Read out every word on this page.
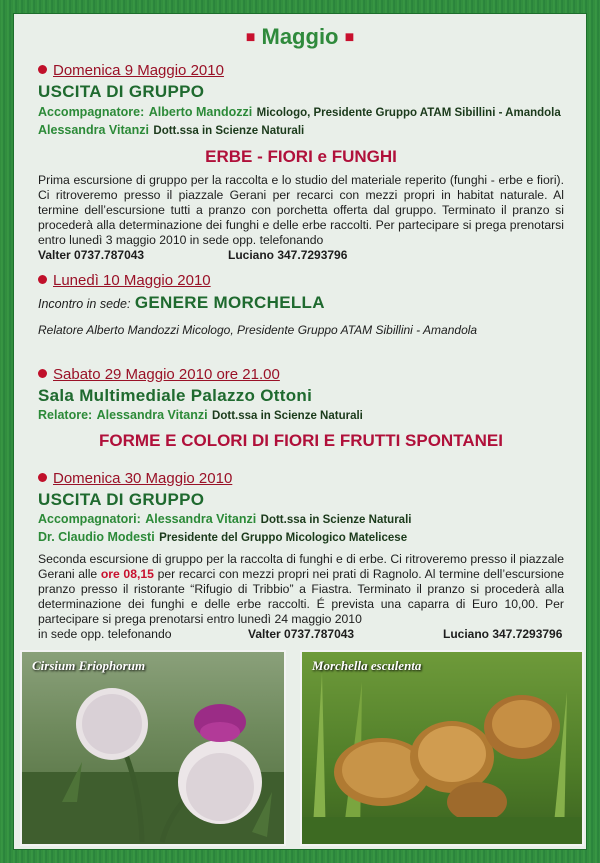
■ Maggio ■
Domenica 9 Maggio 2010
USCITA DI GRUPPO
Accompagnatore: Alberto Mandozzi Micologo, Presidente Gruppo ATAM Sibillini - Amandola
Alessandra Vitanzi Dott.ssa in Scienze Naturali
ERBE - FIORI e FUNGHI
Prima escursione di gruppo per la raccolta e lo studio del materiale reperito (funghi - erbe e fiori). Ci ritroveremo presso il piazzale Gerani per recarci con mezzi propri in habitat naturale. Al termine dell’escursione tutti a pranzo con porchetta offerta dal gruppo. Terminato il pranzo si procederà alla determinazione dei funghi e delle erbe raccolti. Per partecipare si prega prenotarsi entro lunedì 3 maggio 2010 in sede opp. telefonando
Valter 0737.787043	Luciano 347.7293796
Lunedì 10 Maggio 2010
Incontro in sede: GENERE MORCHELLA
Relatore Alberto Mandozzi Micologo, Presidente Gruppo ATAM Sibillini - Amandola
Sabato 29 Maggio 2010 ore 21.00
Sala Multimediale Palazzo Ottoni
Relatore: Alessandra Vitanzi Dott.ssa in Scienze Naturali
FORME E COLORI DI FIORI E FRUTTI SPONTANEI
Domenica 30 Maggio 2010
USCITA DI GRUPPO
Accompagnatori: Alessandra Vitanzi Dott.ssa in Scienze Naturali
Dr. Claudio Modesti Presidente del Gruppo Micologico Matelicese
Seconda escursione di gruppo per la raccolta di funghi e di erbe. Ci ritroveremo presso il piazzale Gerani alle ore 08,15 per recarci con mezzi propri nei prati di Ragnolo. Al termine dell’escursione pranzo presso il ristorante “Rifugio di Tribbio” a Fiastra. Terminato il pranzo si procederà alla determinazione dei funghi e delle erbe raccolti. É prevista una caparra di Euro 10,00. Per partecipare si prega prenotarsi entro lunedì 24 maggio 2010
in sede opp. telefonando	Valter 0737.787043	Luciano 347.7293796
Cirsium Eriophorum	Morchella esculenta
